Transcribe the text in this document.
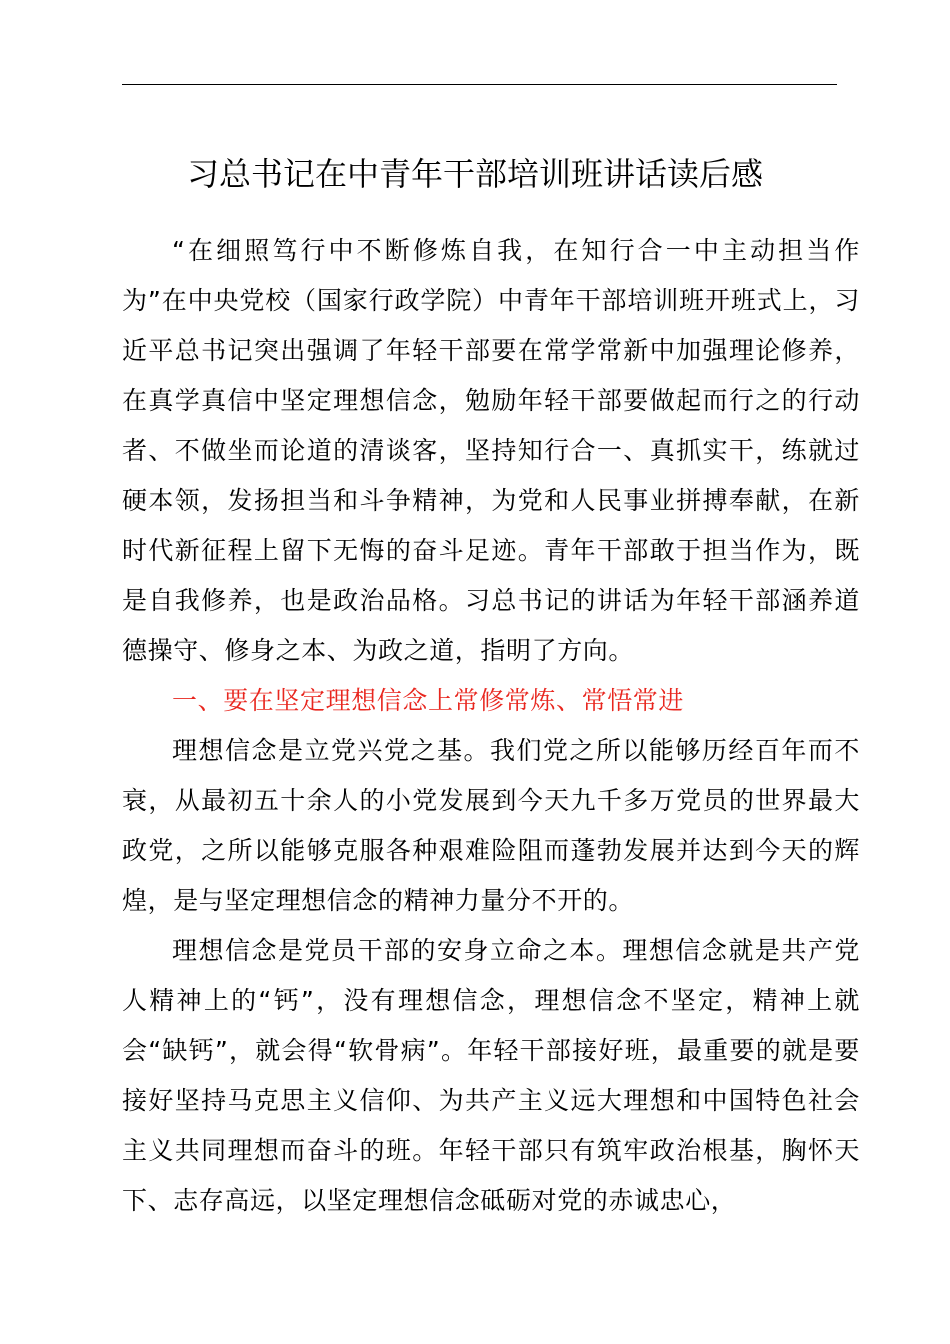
习总书记在中青年干部培训班讲话读后感

“在细照笃行中不断修炼自我，在知行合一中主动担当作为”在中央党校（国家行政学院）中青年干部培训班开班式上，习近平总书记突出强调了年轻干部要在常学常新中加强理论修养，在真学真信中坚定理想信念，勉励年轻干部要做起而行之的行动者、不做坐而论道的清谈客，坚持知行合一、真抓实干，练就过硬本领，发扬担当和斗争精神，为党和人民事业拼搏奉献，在新时代新征程上留下无悔的奋斗足迹。青年干部敢于担当作为，既是自我修养，也是政治品格。习总书记的讲话为年轻干部涵养道德操守、修身之本、为政之道，指明了方向。

一、要在坚定理想信念上常修常炼、常悟常进

理想信念是立党兴党之基。我们党之所以能够历经百年而不衰，从最初五十余人的小党发展到今天九千多万党员的世界最大政党，之所以能够克服各种艰难险阻而蓬勃发展并达到今天的辉煌，是与坚定理想信念的精神力量分不开的。

理想信念是党员干部的安身立命之本。理想信念就是共产党人精神上的“钙”，没有理想信念，理想信念不坚定，精神上就会“缺钙”，就会得“软骨病”。年轻干部接好班，最重要的就是要接好坚持马克思主义信仰、为共产主义远大理想和中国特色社会主义共同理想而奋斗的班。年轻干部只有筑牢政治根基，胸怀天下、志存高远，以坚定理想信念砥砺对党的赤诚忠心，
